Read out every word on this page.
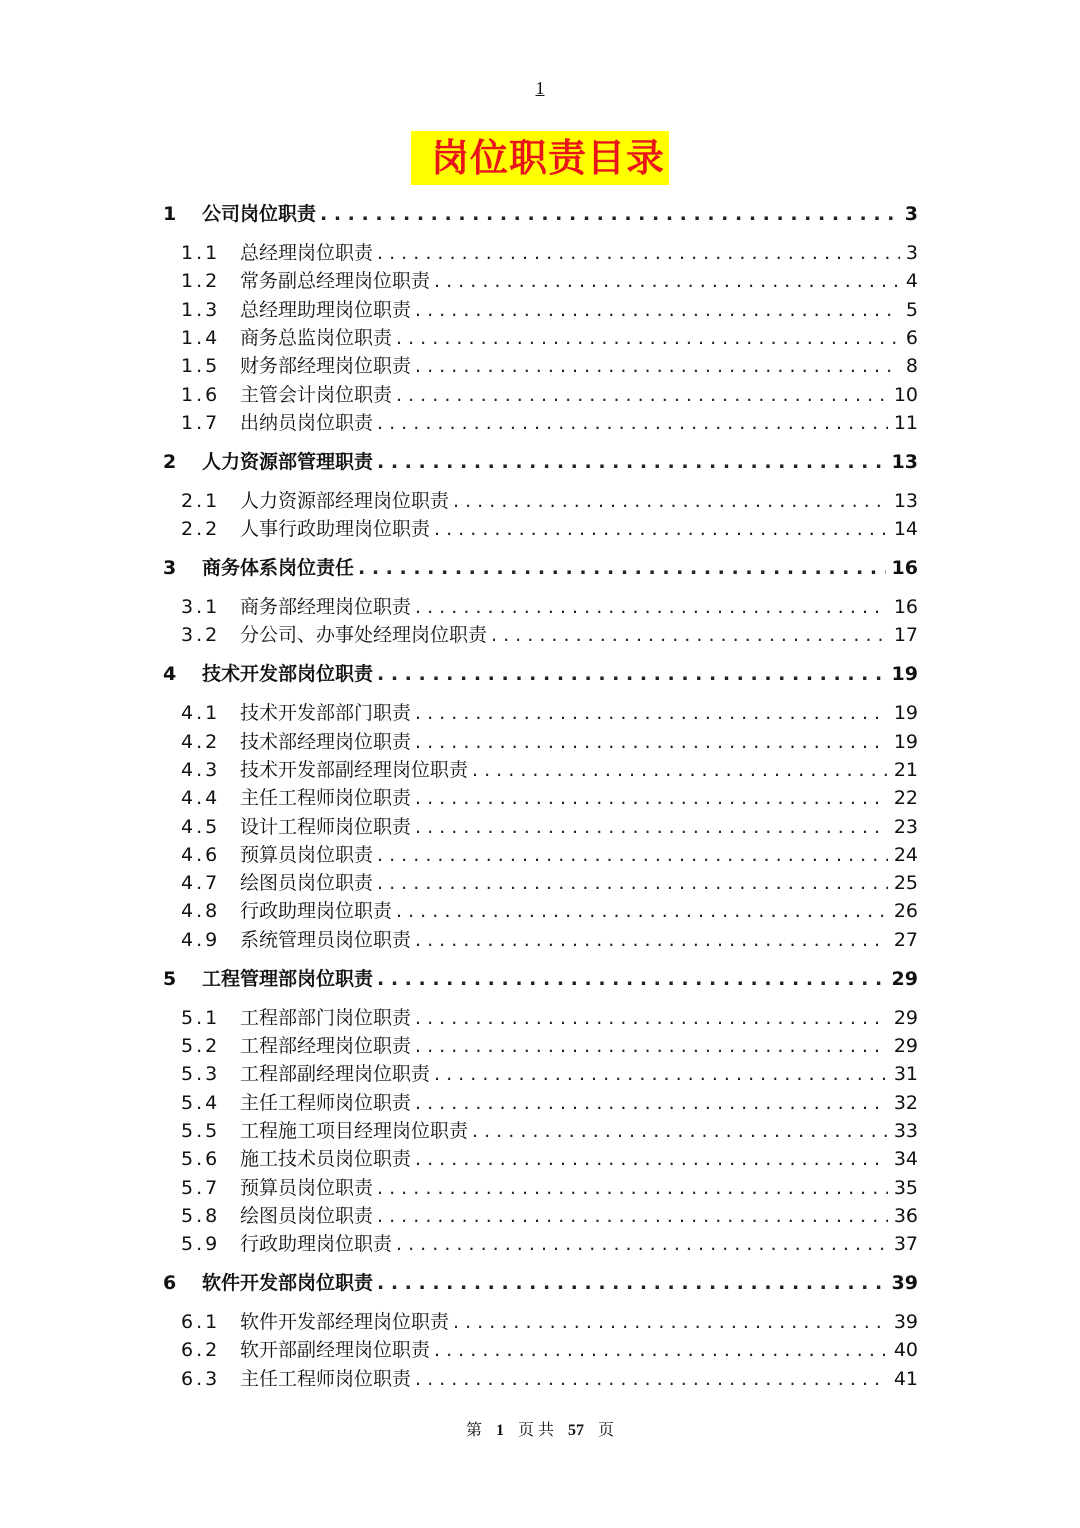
1
岗位职责目录
1	公司岗位职责 . . .	3
1.1	总经理岗位职责 . . .	3
1.2	常务副总经理岗位职责 . . .	4
1.3	总经理助理岗位职责 . . .	5
1.4	商务总监岗位职责 . . .	6
1.5	财务部经理岗位职责 . . .	8
1.6	主管会计岗位职责 . . .	10
1.7	出纳员岗位职责 . . .	11
2	人力资源部管理职责 . . .	13
2.1	人力资源部经理岗位职责 . . .	13
2.2	人事行政助理岗位职责 . . .	14
3	商务体系岗位责任 . . .	16
3.1	商务部经理岗位职责 . . .	16
3.2	分公司、办事处经理岗位职责 . . .	17
4	技术开发部岗位职责 . . .	19
4.1	技术开发部部门职责 . . .	19
4.2	技术部经理岗位职责 . . .	19
4.3	技术开发部副经理岗位职责 . . .	21
4.4	主任工程师岗位职责 . . .	22
4.5	设计工程师岗位职责 . . .	23
4.6	预算员岗位职责 . . .	24
4.7	绘图员岗位职责 . . .	25
4.8	行政助理岗位职责 . . .	26
4.9	系统管理员岗位职责 . . .	27
5	工程管理部岗位职责 . . .	29
5.1	工程部部门岗位职责 . . .	29
5.2	工程部经理岗位职责 . . .	29
5.3	工程部副经理岗位职责 . . .	31
5.4	主任工程师岗位职责 . . .	32
5.5	工程施工项目经理岗位职责 . . .	33
5.6	施工技术员岗位职责 . . .	34
5.7	预算员岗位职责 . . .	35
5.8	绘图员岗位职责 . . .	36
5.9	行政助理岗位职责 . . .	37
6	软件开发部岗位职责 . . .	39
6.1	软件开发部经理岗位职责 . . .	39
6.2	软开部副经理岗位职责 . . .	40
6.3	主任工程师岗位职责 . . .	41
第 1 页 共 57 页
